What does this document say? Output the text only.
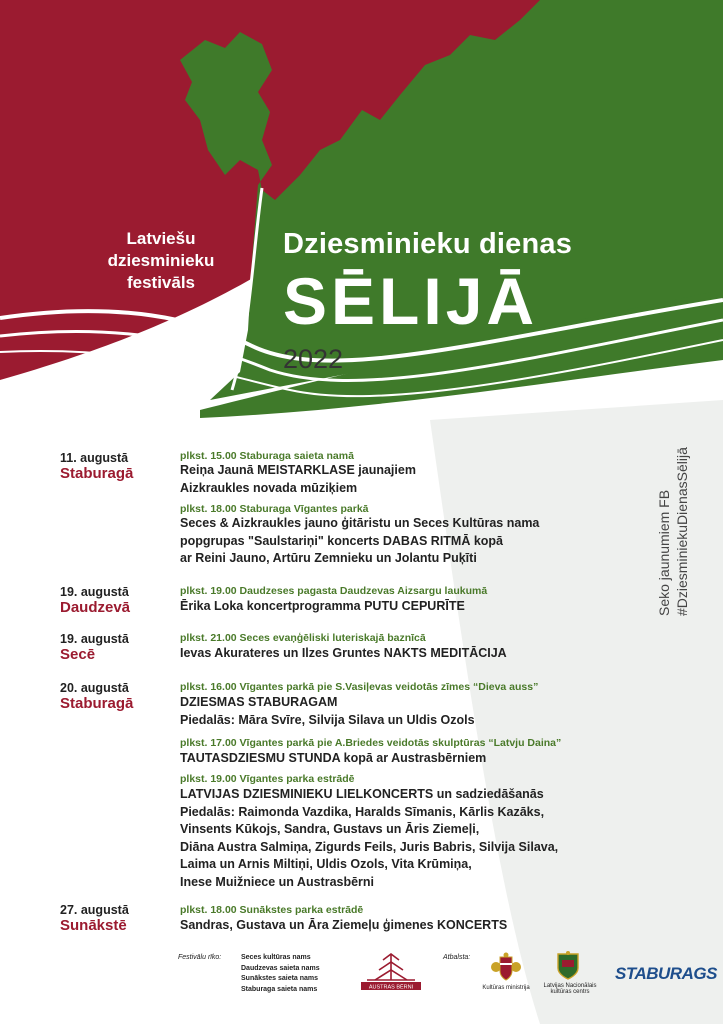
Latviešu
dziesminieku
festivāls
Dziesminieku dienas
SĒLIJĀ
2022
Seko jaunumiem FB #DziesminiekuDienasSēlijā
11. augustā
Staburagā
plkst. 15.00 Staburaga saieta namā
Reiņa Jaunā MEISTARKLASE jaunajiem
Aizkraukles novada mūziķiem
plkst. 18.00 Staburaga Vīgantes parkā
Seces & Aizkraukles jauno ģitāristu un Seces Kultūras nama
popgrupas "Saulstariņi" koncerts DABAS RITMĀ kopā
ar Reini Jauno, Artūru Zemnieku un Jolantu Puķīti
19. augustā
Daudzevā
plkst. 19.00 Daudzeses pagasta Daudzevas Aizsargu laukumā
Ērika Loka koncertprogramma PUTU CEPURĪTE
19. augustā
Secē
plkst. 21.00 Seces evaņģēliski luteriskajā baznīcā
Ievas Akurateres un Ilzes Gruntes NAKTS MEDITĀCIJA
20. augustā
Staburagā
plkst. 16.00 Vīgantes parkā pie S.Vasiļevas veidotās zīmes “Dieva auss”
DZIESMAS STABURAGAM
Piedalās: Māra Svīre, Silvija Silava un Uldis Ozols
plkst. 17.00 Vīgantes parkā pie A.Briedes veidotās skulptūras “Latvju Daina”
TAUTASDZIESMU STUNDA kopā ar Austrasbērniem
plkst. 19.00 Vīgantes parka estrādē
LATVIJAS DZIESMINIEKU LIELKONCERTS un sadziedāšanās
Piedalās: Raimonda Vazdika, Haralds Sīmanis, Kārlis Kazāks,
Vinsents Kūkojs, Sandra, Gustavs un Āris Ziemeļi,
Diāna Austra Salmiņa, Zigurds Feils, Juris Babris, Silvija Silava,
Laima un Arnis Miltiņi, Uldis Ozols, Vita Krūmiņa,
Inese Muižniece un Austrasbērni
27. augustā
Sunākstē
plkst. 18.00 Sunākstes parka estrādē
Sandras, Gustava un Āra Ziemeļu ģimenes KONCERTS
Festivālu rīko:	Seces kultūras nams
Daudzevas saieta nams
Sunākstes saieta nams
Staburaga saieta nams	AUSTRAS BĒRNI
Atbalsta:
Kultūras ministrija	Latvijas Nacionālais
kultūras centrs
STABURAGS
